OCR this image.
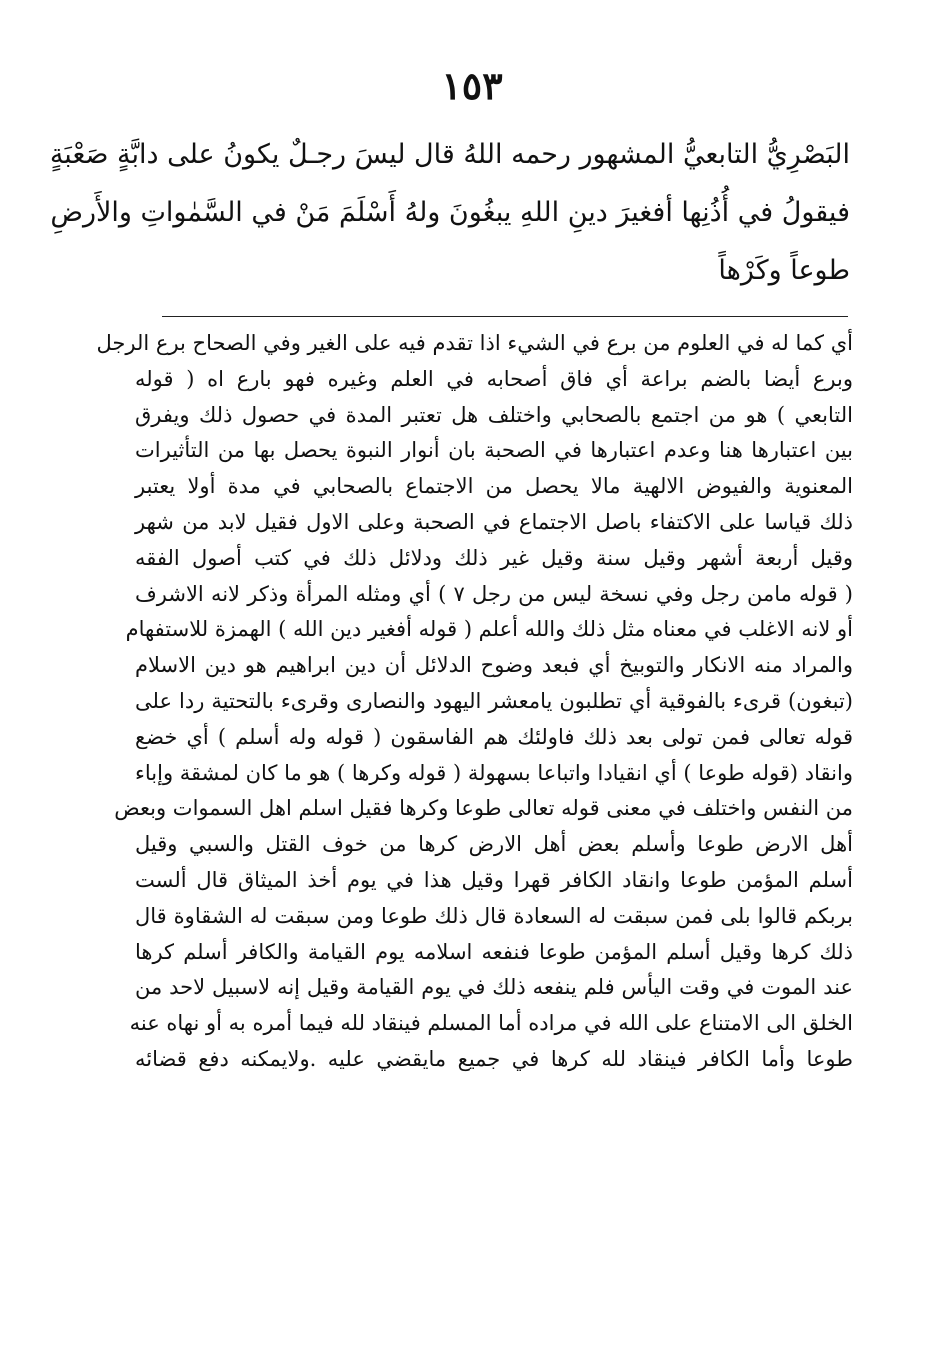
١٥٣
البَصْرِيُّ التابعيُّ المشهور رحمه اللهُ قال ليسَ رجـلٌ يكونُ على دابَّةٍ صَعْبَةٍ
فيقولُ في أُذُنِها أفغيرَ دينِ اللهِ يبغُونَ ولهُ أَسْلَمَ مَنْ في السَّمٰواتِ والأَرضِ
طوعاً وكَرْهاً
أي كما له في العلوم من برع في الشيء اذا تقدم فيه على الغير وفي الصحاح برع الرجل
وبرع أيضا بالضم براعة أي فاق أصحابه في العلم وغيره فهو بارع اه ( قوله
التابعي ) هو من اجتمع بالصحابي واختلف هل تعتبر المدة في حصول ذلك ويفرق
بين اعتبارها هنا وعدم اعتبارها في الصحبة بان أنوار النبوة يحصل بها من التأثيرات
المعنوية والفيوض الالهية مالا يحصل من الاجتماع بالصحابي في مدة أولا يعتبر
ذلك قياسا على الاكتفاء باصل الاجتماع في الصحبة وعلى الاول فقيل لابد من شهر
وقيل أربعة أشهر وقيل سنة وقيل غير ذلك ودلائل ذلك في كتب أصول الفقه
( قوله مامن رجل وفي نسخة ليس من رجل ٧ ) أي ومثله المرأة وذكر لانه الاشرف
أو لانه الاغلب في معناه مثل ذلك والله أعلم ( قوله أفغير دين الله ) الهمزة للاستفهام
والمراد منه الانكار والتوبيخ أي فبعد وضوح الدلائل أن دين ابراهيم هو دين الاسلام
(تبغون) قرىء بالفوقية أي تطلبون يامعشر اليهود والنصارى وقرىء بالتحتية ردا على
قوله تعالى فمن تولى بعد ذلك فاولئك هم الفاسقون ( قوله وله أسلم ) أي خضع
وانقاد (قوله طوعا ) أي انقيادا واتباعا بسهولة ( قوله وكرها ) هو ما كان لمشقة وإباء
من النفس واختلف في معنى قوله تعالى طوعا وكرها فقيل اسلم اهل السموات وبعض
أهل الارض طوعا وأسلم بعض أهل الارض كرها من خوف القتل والسبي وقيل
أسلم المؤمن طوعا وانقاد الكافر قهرا وقيل هذا في يوم أخذ الميثاق قال ألست
بربكم قالوا بلى فمن سبقت له السعادة قال ذلك طوعا ومن سبقت له الشقاوة قال
ذلك كرها وقيل أسلم المؤمن طوعا فنفعه اسلامه يوم القيامة والكافر أسلم كرها
عند الموت في وقت اليأس فلم ينفعه ذلك في يوم القيامة وقيل إنه لاسبيل لاحد من
الخلق الى الامتناع على الله في مراده أما المسلم فينقاد لله فيما أمره به أو نهاه عنه
طوعا وأما الكافر فينقاد لله كرها في جميع مايقضي عليه .ولايمكنه دفع قضائه
